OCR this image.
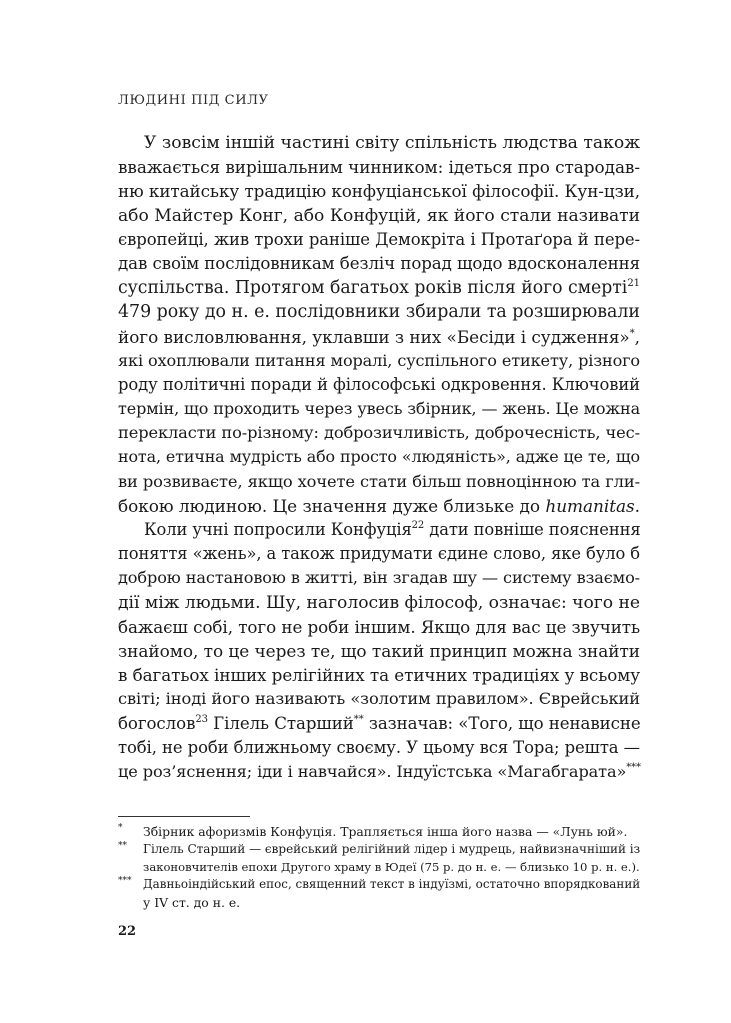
ЛЮДИНІ ПІД СИЛУ
У зовсім іншій частині світу спільність людства також
вважається вирішальним чинником: ідеться про стародав-
ню китайську традицію конфуціанської філософії. Кун-цзи,
або Майстер Конг, або Конфуцій, як його стали називати
європейці, жив трохи раніше Демокріта і Протаґора й пере-
дав своїм послідовникам безліч порад щодо вдосконалення
суспільства. Протягом багатьох років після його смерті$^{21}$
479 року до н. е. послідовники збирали та розширювали
його висловлювання, уклавши з них «Бесіди і судження»*,
які охоплювали питання моралі, суспільного етикету, різного
роду політичні поради й філософські одкровення. Ключовий
термін, що проходить через увесь збірник, — жень. Це можна
перекласти по-різному: доброзичливість, доброчесність, чес-
нота, етична мудрість або просто «людяність», адже це те, що
ви розвиваєте, якщо хочете стати більш повноцінною та гли-
бокою людиною. Це значення дуже близьке до humanitas.
Коли учні попросили Конфуція$^{22}$ дати повніше пояснення
поняття «жень», а також придумати єдине слово, яке було б
доброю настановою в житті, він згадав шу — систему взаємо-
дії між людьми. Шу, наголосив філософ, означає: чого не
бажаєш собі, того не роби іншим. Якщо для вас це звучить
знайомо, то це через те, що такий принцип можна знайти
в багатьох інших релігійних та етичних традиціях у всьому
світі; іноді його називають «золотим правилом». Єврейський
богослов$^{23}$ Гілель Старший** зазначав: «Того, що ненависне
тобі, не роби ближньому своєму. У цьому вся Тора; решта —
це роз’яснення; іди і навчайся». Індуїстська «Магабгарата»***
* Збірник афоризмів Конфуція. Трапляється інша його назва — «Лунь юй».
** Гілель Старший — єврейський релігійний лідер і мудрець, найвизначніший із
законовчителів епохи Другого храму в Юдеї (75 р. до н. е. — близько 10 р. н. е.).
*** Давньоіндійський епос, священний текст в індуїзмі, остаточно впорядкований
у IV ст. до н. е.
22
